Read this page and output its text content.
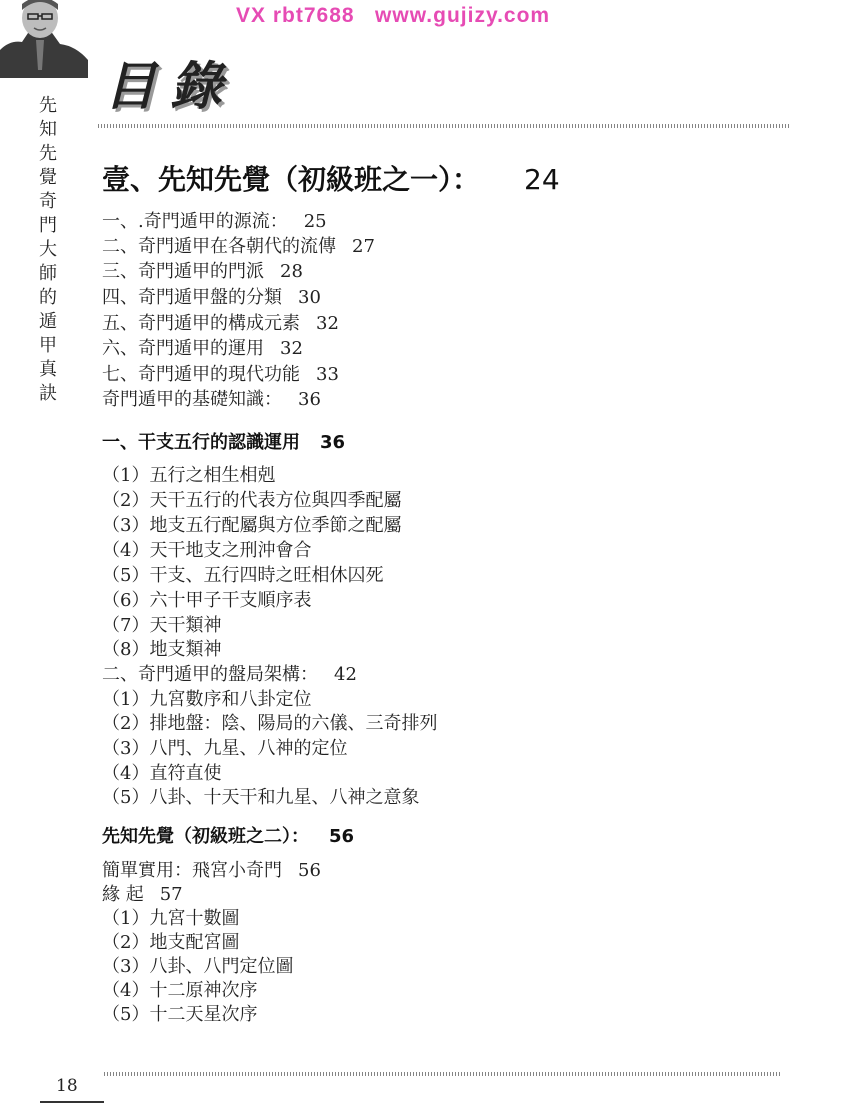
VX rbt7688   www.gujizy.com
先知先覺奇門大師的遁甲真訣
目錄
壹、先知先覺（初級班之一）： 24
一、.奇門遁甲的源流： 25
二、奇門遁甲在各朝代的流傳 27
三、奇門遁甲的門派 28
四、奇門遁甲盤的分類 30
五、奇門遁甲的構成元素 32
六、奇門遁甲的運用 32
七、奇門遁甲的現代功能 33
奇門遁甲的基礎知識： 36
一、干支五行的認識運用 36
（1）五行之相生相剋
（2）天干五行的代表方位與四季配屬
（3）地支五行配屬與方位季節之配屬
（4）天干地支之刑沖會合
（5）干支、五行四時之旺相休囚死
（6）六十甲子干支順序表
（7）天干類神
（8）地支類神
二、奇門遁甲的盤局架構： 42
（1）九宮數序和八卦定位
（2）排地盤：陰、陽局的六儀、三奇排列
（3）八門、九星、八神的定位
（4）直符直使
（5）八卦、十天干和九星、八神之意象
先知先覺（初級班之二）： 56
簡單實用：飛宮小奇門 56
緣 起 57
（1）九宮十數圖
（2）地支配宮圖
（3）八卦、八門定位圖
（4）十二原神次序
（5）十二天星次序
18
